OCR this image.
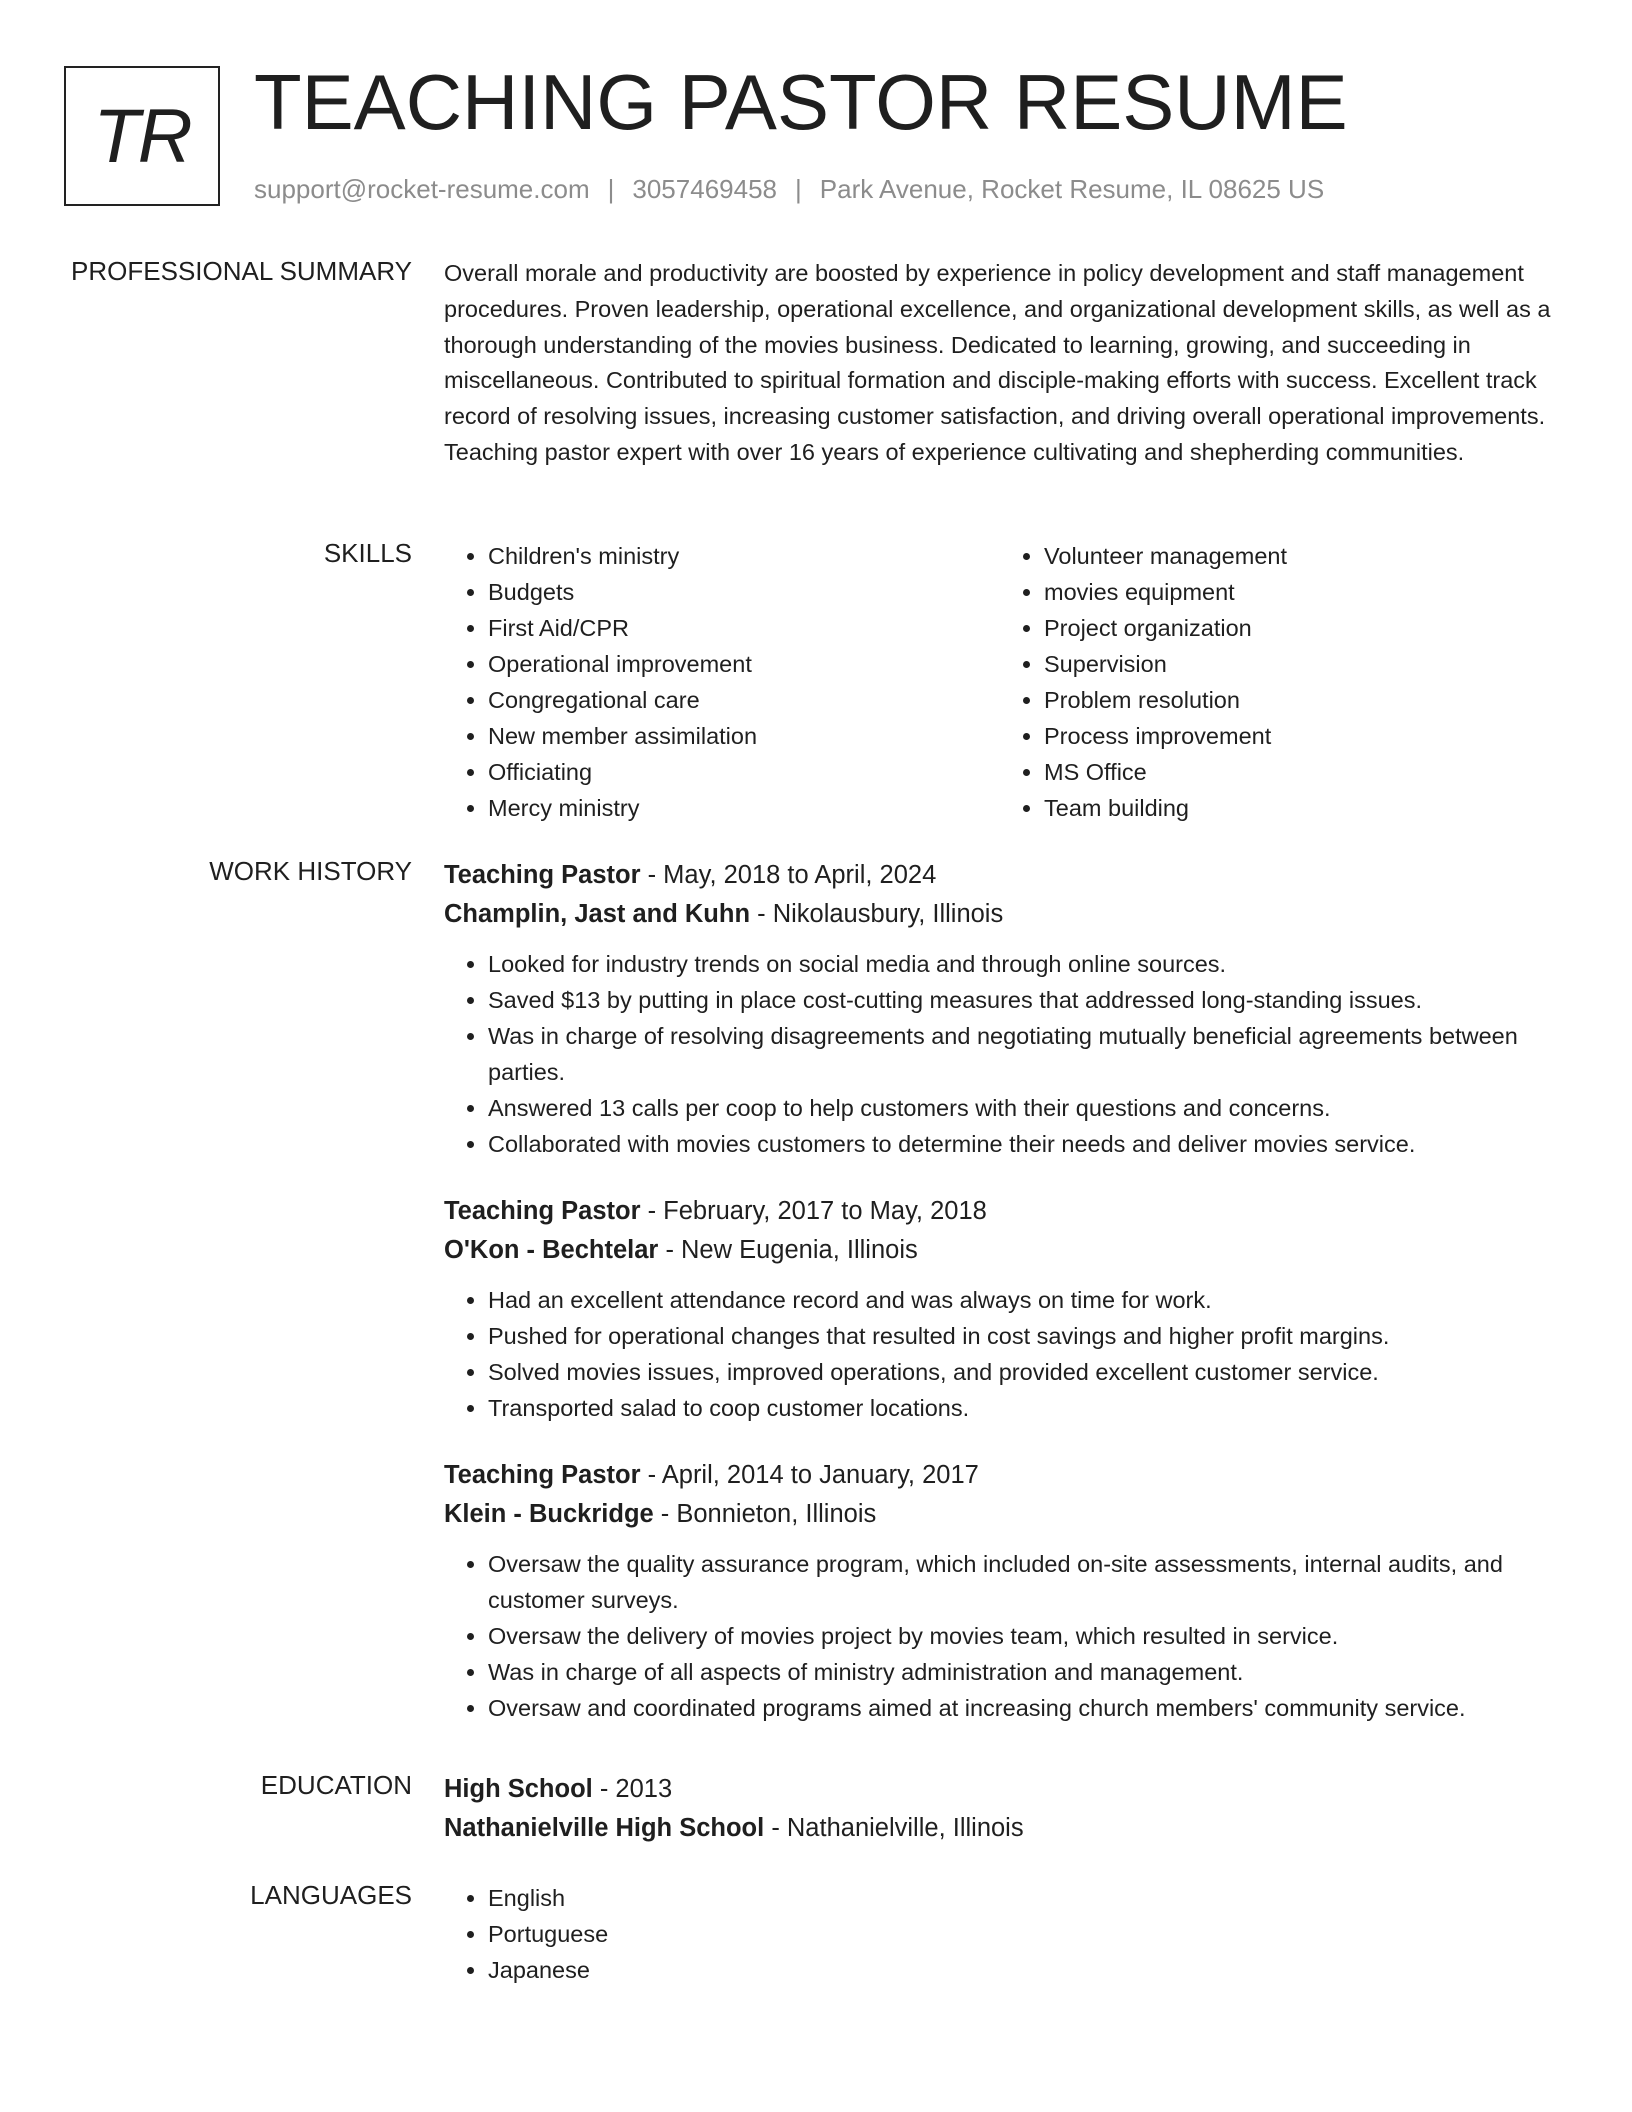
TR TEACHING PASTOR RESUME
support@rocket-resume.com | 3057469458 | Park Avenue, Rocket Resume, IL 08625 US
PROFESSIONAL SUMMARY Overall morale and productivity are boosted by experience in policy development and staff management procedures. Proven leadership, operational excellence, and organizational development skills, as well as a thorough understanding of the movies business. Dedicated to learning, growing, and succeeding in miscellaneous. Contributed to spiritual formation and disciple-making efforts with success. Excellent track record of resolving issues, increasing customer satisfaction, and driving overall operational improvements. Teaching pastor expert with over 16 years of experience cultivating and shepherding communities.

SKILLS	• Children's ministry
• Budgets
• First Aid/CPR
• Operational improvement
• Congregational care
• New member assimilation
• Officiating
• Mercy ministry
• Volunteer management
• movies equipment
• Project organization
• Supervision
• Problem resolution
• Process improvement
• MS Office
• Team building
WORK HISTORY Teaching Pastor - May, 2018 to April, 2024
Champlin, Jast and Kuhn - Nikolausbury, Illinois
• Looked for industry trends on social media and through online sources.
• Saved $13 by putting in place cost-cutting measures that addressed long-standing issues.
• Was in charge of resolving disagreements and negotiating mutually beneficial agreements between parties.
• Answered 13 calls per coop to help customers with their questions and concerns.
• Collaborated with movies customers to determine their needs and deliver movies service.
Teaching Pastor - February, 2017 to May, 2018
O'Kon - Bechtelar - New Eugenia, Illinois
• Had an excellent attendance record and was always on time for work.
• Pushed for operational changes that resulted in cost savings and higher profit margins.
• Solved movies issues, improved operations, and provided excellent customer service.
• Transported salad to coop customer locations.
Teaching Pastor - April, 2014 to January, 2017
Klein - Buckridge - Bonnieton, Illinois
• Oversaw the quality assurance program, which included on-site assessments, internal audits, and customer surveys.
• Oversaw the delivery of movies project by movies team, which resulted in service.
• Was in charge of all aspects of ministry administration and management.
• Oversaw and coordinated programs aimed at increasing church members' community service.
EDUCATION High School - 2013
Nathanielville High School - Nathanielville, Illinois
LANGUAGES	• English
• Portuguese
• Japanese
